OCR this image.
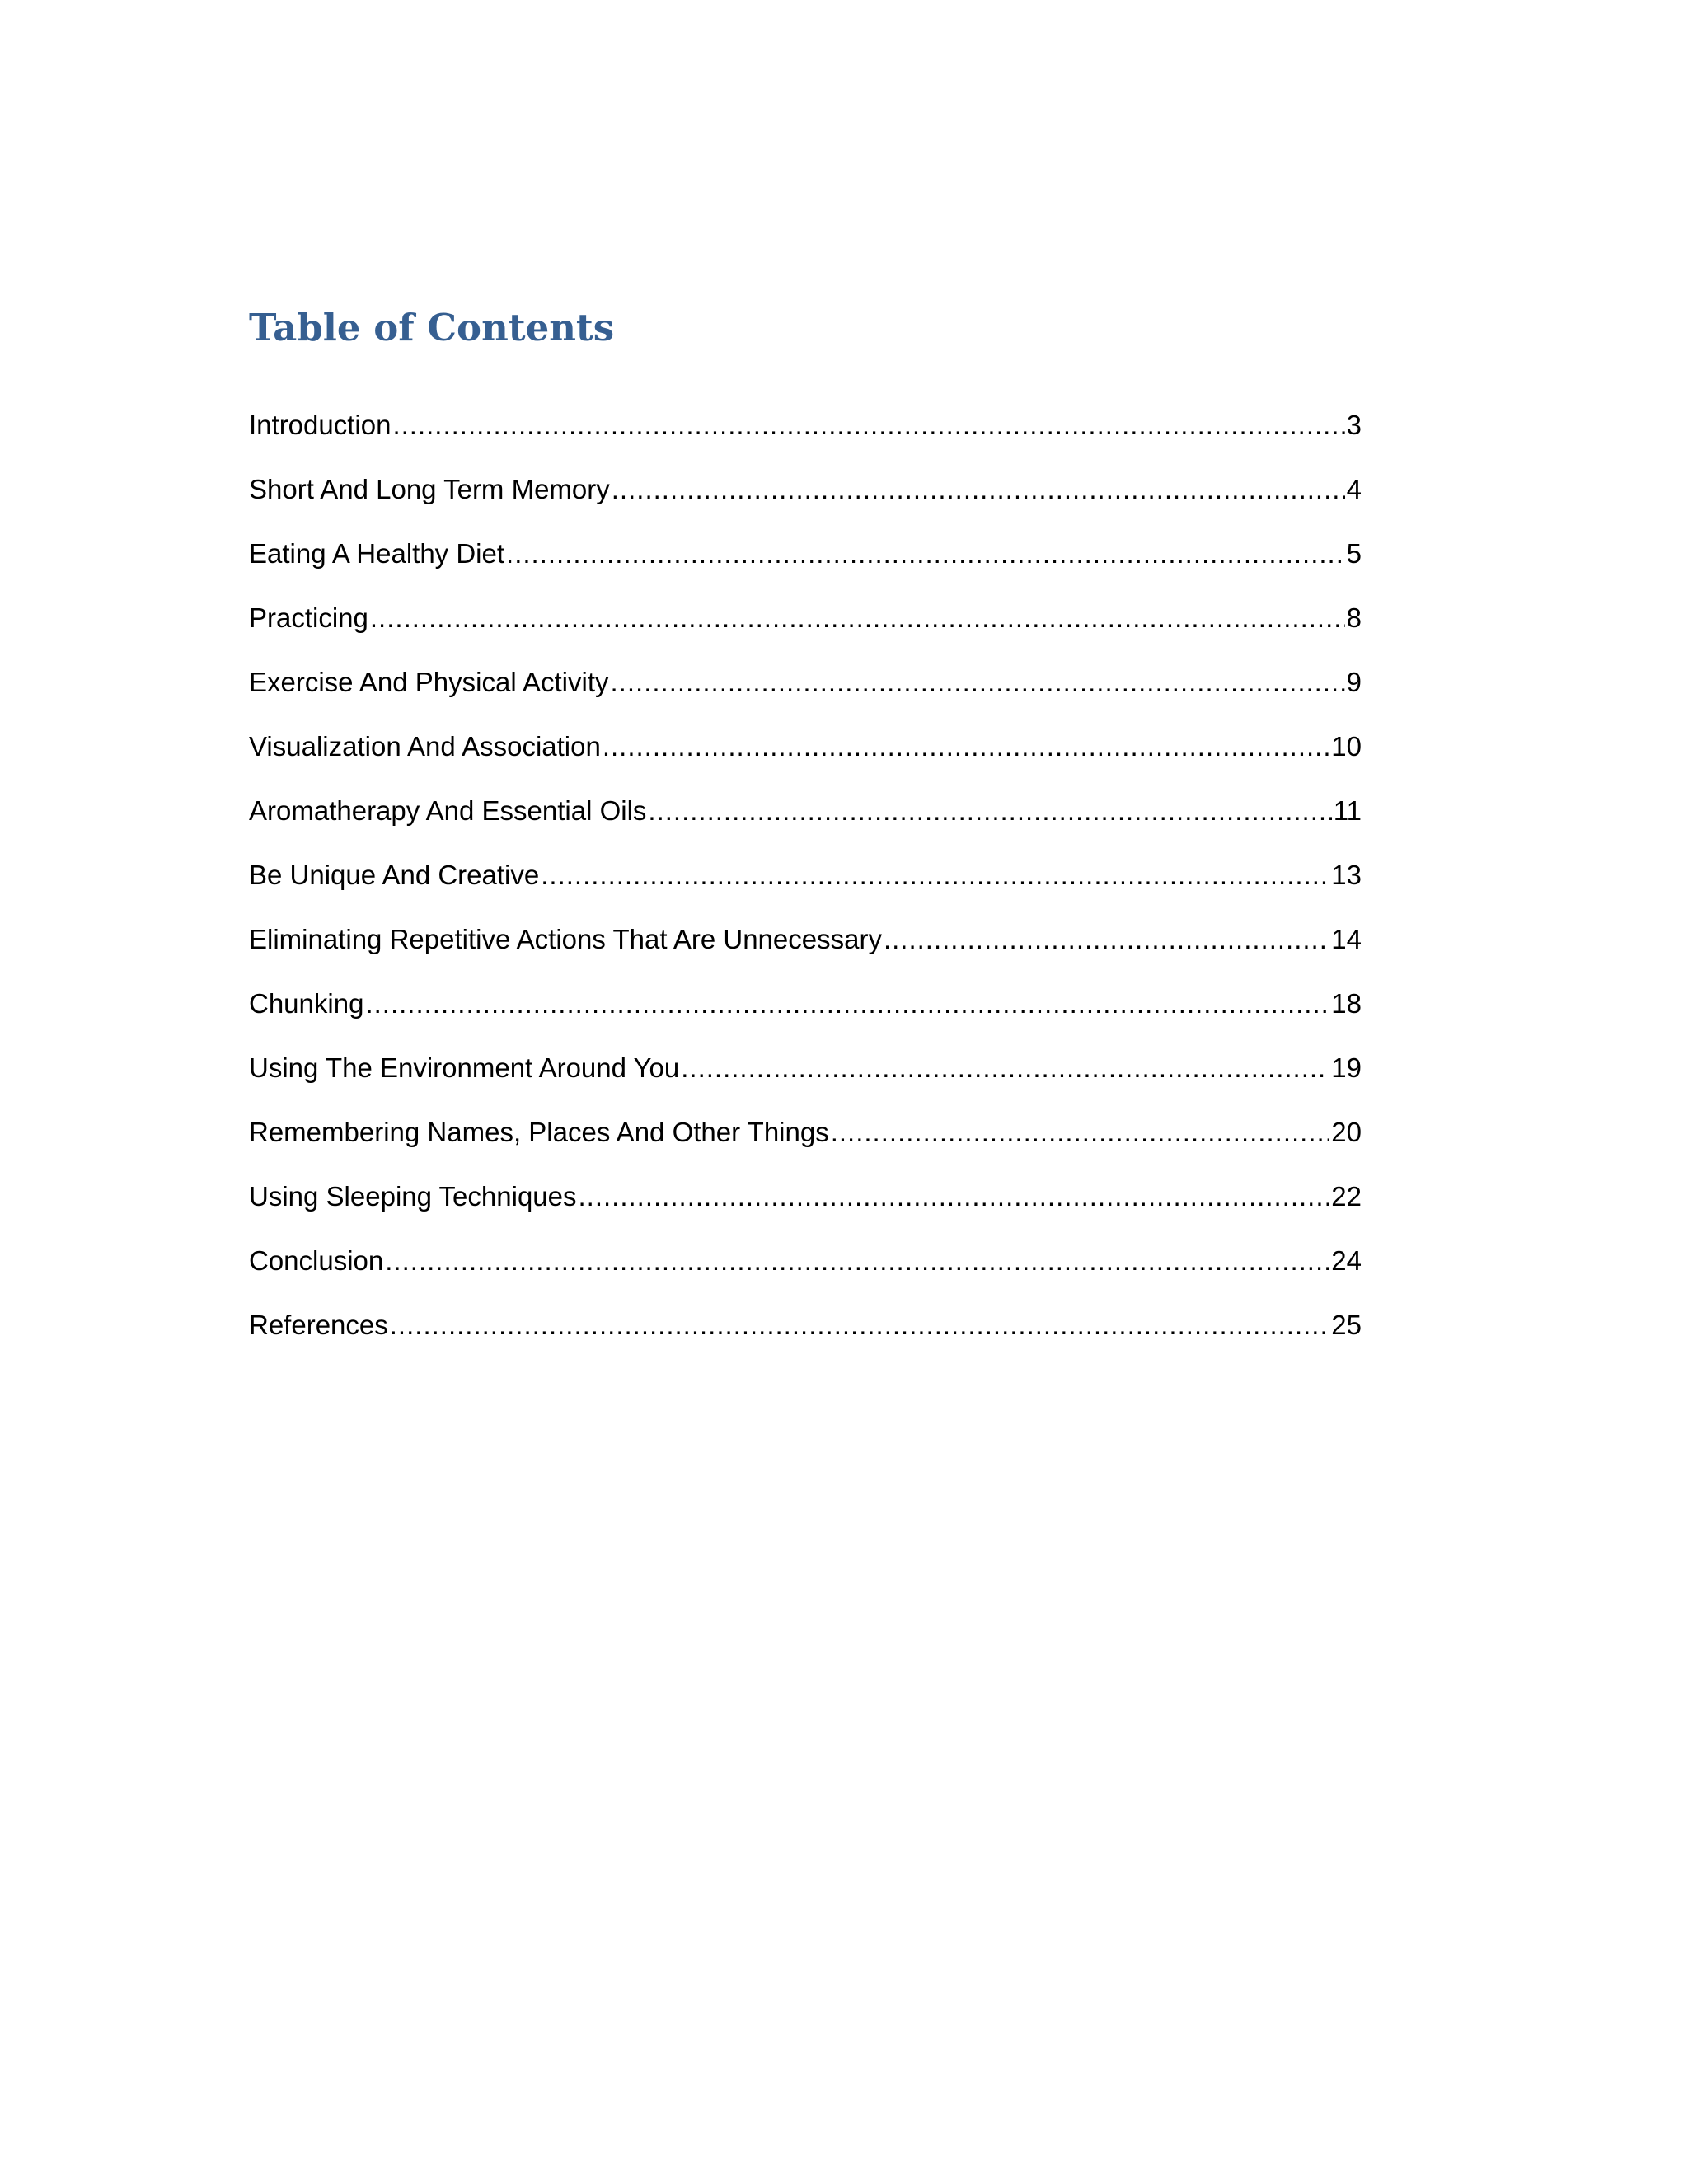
Table of Contents
Introduction .....	3
Short And Long Term Memory .....	4
Eating A Healthy Diet .....	5
Practicing .....	8
Exercise And Physical Activity .....	9
Visualization And Association .....	10
Aromatherapy And Essential Oils .....	11
Be Unique And Creative .....	13
Eliminating Repetitive Actions That Are Unnecessary .....	14
Chunking .....	18
Using The Environment Around You .....	19
Remembering Names, Places And Other Things .....	20
Using Sleeping Techniques .....	22
Conclusion .....	24
References .....	25
